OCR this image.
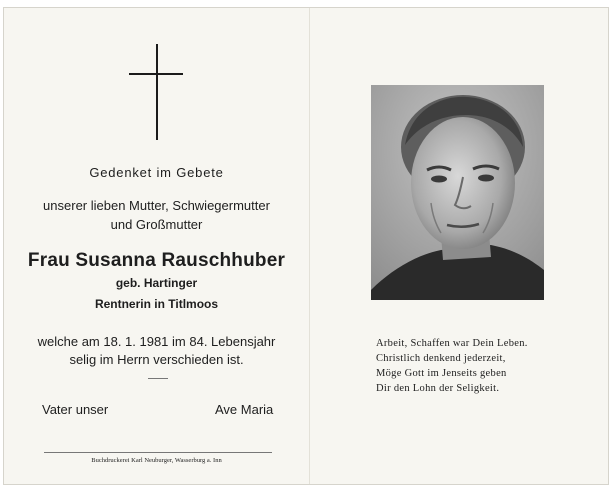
Gedenket im Gebete
unserer lieben Mutter, Schwiegermutter
und Großmutter
Frau Susanna Rauschhuber
geb. Hartinger
Rentnerin in Titlmoos
welche am 18. 1. 1981 im 84. Lebensjahr
selig im Herrn verschieden ist.
Vater unser	Ave Maria
Buchdruckerei Karl Neuburger, Wasserburg a. Inn
Arbeit, Schaffen war Dein Leben.
Christlich denkend jederzeit,
Möge Gott im Jenseits geben
Dir den Lohn der Seligkeit.
